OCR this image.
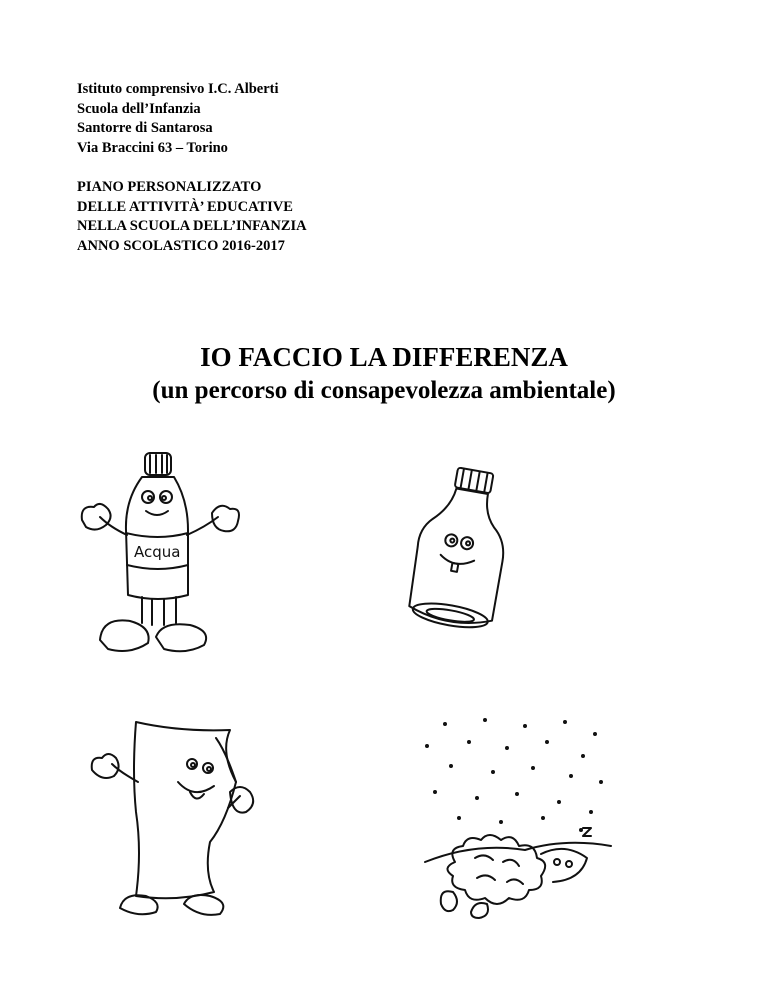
Istituto comprensivo I.C. Alberti
Scuola dell’Infanzia
Santorre di Santarosa
Via Braccini 63 – Torino
PIANO PERSONALIZZATO
DELLE ATTIVITÀ’ EDUCATIVE
NELLA SCUOLA DELL’INFANZIA
ANNO SCOLASTICO 2016-2017
IO FACCIO LA DIFFERENZA
(un percorso di consapevolezza ambientale)
Acqua
